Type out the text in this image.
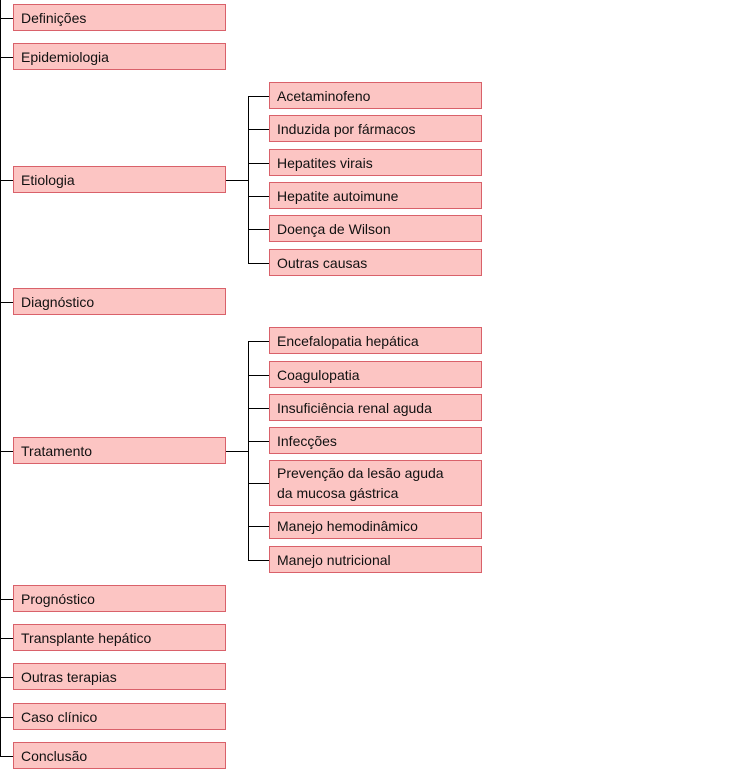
Definições
Epidemiologia
Etiologia
Acetaminofeno
Induzida por fármacos
Hepatites virais
Hepatite autoimune
Doença de Wilson
Outras causas
Diagnóstico
Tratamento
Encefalopatia hepática
Coagulopatia
Insuficiência renal aguda
Infecções
Prevenção da lesão aguda
da mucosa gástrica
Manejo hemodinâmico
Manejo nutricional
Prognóstico
Transplante hepático
Outras terapias
Caso clínico
Conclusão
